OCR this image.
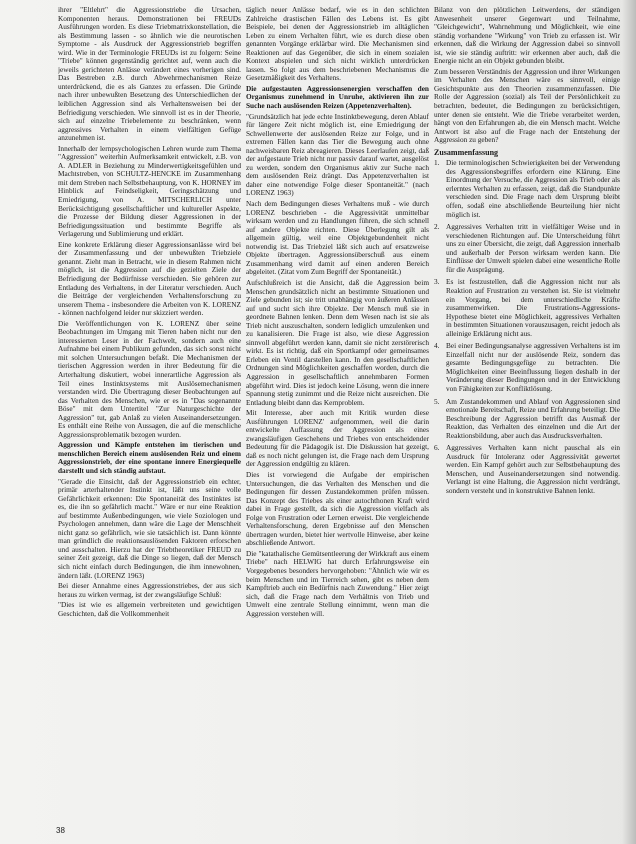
ihrer "Eltlehrt" die Aggressionstriebe die Ursachen, Komponenten heraus. Demonstrationen bei FREUDs Ausführungen worden. Es diese Triebmatrixkonstellation, die als Bestimmung lassen - so ähnlich wie die neurotischen Symptome - als Ausdruck der Aggressionstrieb begriffen wird. Wie in der Terminologie FREUDs ist zu folgern: Seine "Triebe" können gegenständig gerichtet auf, wenn auch die jeweils gerichteten Anlässe verändert eines vorherigen sind. Das Bestreben z.B. durch Abwehrmechanismen Reize unterdrückend, die es als Ganzes zu erfassen. Die Gründe nach ihrer unbewußten Besetzung des Unterschiedlichen der leiblichen Aggression sind als Verhaltensweisen bei der Befriedigung verschieden. Wie sinnvoll ist es in der Theorie, sich auf einzelne Triebelemente zu beschränken, wenn aggressives Verhalten in einem vielfältigen Gefüge anzunehmen ist.

Innerhalb der lernpsychologischen Lehren wurde zum Thema "Aggression" weiterhin Aufmerksamkeit entwickelt, z.B. von A. ADLER in Beziehung zu Minderwertigkeitsgefühlen und Machtstreben, von SCHULTZ-HENCKE im Zusammenhang mit dem Streben nach Selbstbehauptung, von K. HORNEY im Hinblick auf Feindseligkeit, Geringschätzung und Erniedrigung, von A. MITSCHERLICH unter Berücksichtigung gesellschaftlicher und kultureller Aspekte, die Prozesse der Bildung dieser Aggressionen in der Befriedigungssituation und bestimmte Begriffe als Verlagerung und Sublimierung und erklärt.

Eine konkrete Erklärung dieser Aggressionsanlässe wird bei der Zusammenfassung und der unbewußten Triebziele genannt. Zieht man in Betracht, wie in diesem Rahmen nicht möglich, ist die Aggression auf die gezielten Ziele der Befriedigung der Bedürfnisse verschieden. Sie gehören zur Entladung des Verhaltens, in der Literatur verschieden. Auch die Beiträge der vergleichenden Verhaltensforschung zu unserem Thema - insbesondere die Arbeiten von K. LORENZ - können nachfolgend leider nur skizziert werden.

Die Veröffentlichungen von K. LORENZ über seine Beobachtungen im Umgang mit Tieren haben nicht nur den interessierten Leser in der Fachwelt, sondern auch eine Aufnahme bei einem Publikum gefunden, das sich sonst nicht mit solchen Untersuchungen befaßt. Die Mechanismen der tierischen Aggression werden in ihrer Bedeutung für die Arterhaltung diskutiert, wobei innerartliche Aggression als Teil eines Instinktsystems mit Auslösemechanismen verstanden wird. Die Übertragung dieser Beobachtungen auf das Verhalten des Menschen, wie er es in "Das sogenannte Böse" mit dem Untertitel "Zur Naturgeschichte der Aggression" tut, gab Anlaß zu vielen Auseinandersetzungen. Es enthält eine Reihe von Aussagen, die auf die menschliche Aggressionsproblematik bezogen wurden.

Aggression und Kämpfe entstehen im tierischen und menschlichen Bereich einem auslösenden Reiz und einem Aggressionstrieb, der eine spontane innere Energiequelle darstellt und sich ständig aufstaut.

"Gerade die Einsicht, daß der Aggressionstrieb ein echter, primär arterhaltender Instinkt ist, läßt uns seine volle Gefährlichkeit erkennen: Die Spontaneität des Instinktes ist es, die ihn so gefährlich macht." Wäre er nur eine Reaktion auf bestimmte Außenbedingungen, wie viele Soziologen und Psychologen annehmen, dann wäre die Lage der Menschheit nicht ganz so gefährlich, wie sie tatsächlich ist. Dann könnte man gründlich die reaktionsauslösenden Faktoren erforschen und ausschalten. Hierzu hat der Triebtheoretiker FREUD zu seiner Zeit gezeigt, daß die Dinge so liegen, daß der Mensch sich nicht einfach durch Bedingungen, die ihm innewohnen, ändern läßt. (LORENZ 1963)

Bei dieser Annahme eines Aggressionstriebes, der aus sich heraus zu wirken vermag, ist der zwangsläufige Schluß:

"Dies ist wie es allgemein verbreiteten und gewichtigen Geschichten, daß die Vollkommenheit

täglich neuer Anlässe bedarf, wie es in den schlichten Zahlreiche drastischen Fällen des Lebens ist. Es gibt Beispiele, bei denen der Aggressionstrieb im alltäglichen Leben zu einem Verhalten führt, wie es durch diese oben genannten Vorgänge erklärbar wird. Die Mechanismen sind Reaktionen auf das Gegenüber, die sich in einem sozialen Kontext abspielen und sich nicht wirklich unterdrücken lassen. So folgt aus dem beschriebenen Mechanismus die Gesetzmäßigkeit des Verhaltens.

Die aufgestauten Aggressionsenergien verschaffen den Organismus zunehmend in Unruhe, aktivieren ihn zur Suche nach auslösenden Reizen (Appetenzverhalten).

"Grundsätzlich hat jede echte Instinktbewegung, deren Ablauf für längere Zeit nicht möglich ist, eine Erniedrigung der Schwellenwerte der auslösenden Reize zur Folge, und in extremen Fällen kann das Tier die Bewegung auch ohne nachweisbaren Reiz abreagieren. Dieses Leerlaufen zeigt, daß der aufgestaute Trieb nicht nur passiv darauf wartet, ausgelöst zu werden, sondern den Organismus aktiv zur Suche nach dem auslösenden Reiz drängt. Das Appetenzverhalten ist daher eine notwendige Folge dieser Spontaneität." (nach LORENZ 1963)

Nach dem Bedingungen dieses Verhaltens muß - wie durch LORENZ beschrieben - die Aggressivität unmittelbar wirksam werden und zu Handlungen führen, die sich schnell auf andere Objekte richten. Diese Überlegung gilt als allgemein gültig, weil eine Objektgebundenheit nicht notwendig ist. Das Triebziel läßt sich auch auf ersatzweise Objekte übertragen. Aggressionsüberschuß aus einem Zusammenhang wird damit auf einen anderen Bereich abgeleitet. (Zitat vom Zum Begriff der Spontaneität.)

Aufschlußreich ist die Ansicht, daß die Aggression beim Menschen grundsätzlich nicht an bestimmte Situationen und Ziele gebunden ist; sie tritt unabhängig von äußeren Anlässen auf und sucht sich ihre Objekte. Der Mensch muß sie in geordnete Bahnen lenken. Denn dem Wesen nach ist sie als Trieb nicht auszuschalten, sondern lediglich umzulenken und zu kanalisieren. Die Frage ist also, wie diese Aggression sinnvoll abgeführt werden kann, damit sie nicht zerstörerisch wirkt. Es ist richtig, daß ein Sportkampf oder gemeinsames Erleben ein Ventil darstellen kann. In den gesellschaftlichen Ordnungen sind Möglichkeiten geschaffen worden, durch die Aggression in gesellschaftlich annehmbaren Formen abgeführt wird. Dies ist jedoch keine Lösung, wenn die innere Spannung stetig zunimmt und die Reize nicht ausreichen. Die Entladung bleibt dann das Kernproblem.

Mit Interesse, aber auch mit Kritik wurden diese Ausführungen LORENZ' aufgenommen, weil die darin entwickelte Auffassung der Aggression als eines zwangsläufigen Geschehens und Triebes von entscheidender Bedeutung für die Pädagogik ist. Die Diskussion hat gezeigt, daß es noch nicht gelungen ist, die Frage nach dem Ursprung der Aggression endgültig zu klären.

Dies ist vorwiegend die Aufgabe der empirischen Untersuchungen, die das Verhalten des Menschen und die Bedingungen für dessen Zustandekommen prüfen müssen. Das Konzept des Triebes als einer autochthonen Kraft wird dabei in Frage gestellt, da sich die Aggression vielfach als Folge von Frustration oder Lernen erweist. Die vergleichende Verhaltensforschung, deren Ergebnisse auf den Menschen übertragen wurden, bietet hier wertvolle Hinweise, aber keine abschließende Antwort.

Die "katathalische Gemütsentleerung der Wirkkraft aus einem Triebe" nach HELWIG hat durch Erfahrungsweise ein Vorgegebenes besonders hervorgehoben: "Ähnlich wie wir es beim Menschen und im Tierreich sehen, gibt es neben dem Kampftrieb auch ein Bedürfnis nach Zuwendung." Hier zeigt sich, daß die Frage nach dem Verhältnis von Trieb und Umwelt eine zentrale Stellung einnimmt, wenn man die Aggression verstehen will.

Bilanz von den plötzlichen Leitwerdens, der ständigen Anwesenheit unserer Gegenwart und Teilnahme, "Gleichgewicht", Wahrnehmung und Möglichkeit, wie eine ständig vorhandene "Wirkung" von Trieb zu erfassen ist. Wir erkennen, daß die Wirkung der Aggression dabei so sinnvoll ist, wie sie ständig auftritt: wir erkennen aber auch, daß die Energie nicht an ein Objekt gebunden bleibt.

Zum besseren Verständnis der Aggression und ihrer Wirkungen im Verhalten des Menschen wäre es sinnvoll, einige Gesichtspunkte aus den Theorien zusammenzufassen. Die Rolle der Aggression (sozial) als Teil der Persönlichkeit zu betrachten, bedeutet, die Bedingungen zu berücksichtigen, unter denen sie entsteht. Wie die Triebe verarbeitet werden, hängt von den Erfahrungen ab, die ein Mensch macht. Welche Antwort ist also auf die Frage nach der Entstehung der Aggression zu geben?

Zusammenfassung
1. Die terminologischen Schwierigkeiten bei der Verwendung des Aggressionsbegriffes erfordern eine Klärung. Eine Einordnung der Versuche, die Aggression als Trieb oder als erlerntes Verhalten zu erfassen, zeigt, daß die Standpunkte verschieden sind. Die Frage nach dem Ursprung bleibt offen, sodaß eine abschließende Beurteilung hier nicht möglich ist.
2. Aggressives Verhalten tritt in vielfältiger Weise und in verschiedenen Richtungen auf. Die Unterscheidung führt uns zu einer Übersicht, die zeigt, daß Aggression innerhalb und außerhalb der Person wirksam werden kann. Die Einflüsse der Umwelt spielen dabei eine wesentliche Rolle für die Ausprägung.
3. Es ist festzustellen, daß die Aggression nicht nur als Reaktion auf Frustration zu verstehen ist. Sie ist vielmehr ein Vorgang, bei dem unterschiedliche Kräfte zusammenwirken. Die Frustrations-Aggressions-Hypothese bietet eine Möglichkeit, aggressives Verhalten in bestimmten Situationen vorauszusagen, reicht jedoch als alleinige Erklärung nicht aus.
4. Bei einer Bedingungsanalyse aggressiven Verhaltens ist im Einzelfall nicht nur der auslösende Reiz, sondern das gesamte Bedingungsgefüge zu betrachten. Die Möglichkeiten einer Beeinflussung liegen deshalb in der Veränderung dieser Bedingungen und in der Entwicklung von Fähigkeiten zur Konfliktlösung.
5. Am Zustandekommen und Ablauf von Aggressionen sind emotionale Bereitschaft, Reize und Erfahrung beteiligt. Die Beschreibung der Aggression betrifft das Ausmaß der Reaktion, das Verhalten des einzelnen und die Art der Reaktionsbildung, aber auch das Ausdrucksverhalten.
6. Aggressives Verhalten kann nicht pauschal als ein Ausdruck für Intoleranz oder Aggressivität gewertet werden. Ein Kampf gehört auch zur Selbstbehauptung des Menschen, und Auseinandersetzungen sind notwendig. Verlangt ist eine Haltung, die Aggression nicht verdrängt, sondern versteht und in konstruktive Bahnen lenkt.
38
